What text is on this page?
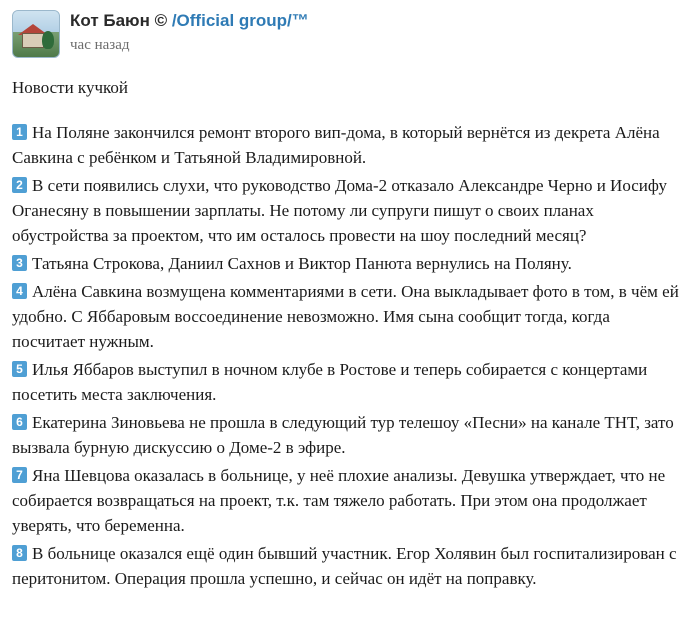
Кот Баюн © /Official group/™
час назад
Новости кучкой
1 На Поляне закончился ремонт второго вип-дома, в который вернётся из декрета Алёна Савкина с ребёнком и Татьяной Владимировной.
2 В сети появились слухи, что руководство Дома-2 отказало Александре Черно и Иосифу Оганесяну в повышении зарплаты. Не потому ли супруги пишут о своих планах обустройства за проектом, что им осталось провести на шоу последний месяц?
3 Татьяна Строкова, Даниил Сахнов и Виктор Панюта вернулись на Поляну.
4 Алёна Савкина возмущена комментариями в сети. Она выкладывает фото в том, в чём ей удобно. С Яббаровым воссоединение невозможно. Имя сына сообщит тогда, когда посчитает нужным.
5 Илья Яббаров выступил в ночном клубе в Ростове и теперь собирается с концертами посетить места заключения.
6 Екатерина Зиновьева не прошла в следующий тур телешоу «Песни» на канале ТНТ, зато вызвала бурную дискуссию о Доме-2 в эфире.
7 Яна Шевцова оказалась в больнице, у неё плохие анализы. Девушка утверждает, что не собирается возвращаться на проект, т.к. там тяжело работать. При этом она продолжает уверять, что беременна.
8 В больнице оказался ещё один бывший участник. Егор Холявин был госпитализирован с перитонитом. Операция прошла успешно, и сейчас он идёт на поправку.
